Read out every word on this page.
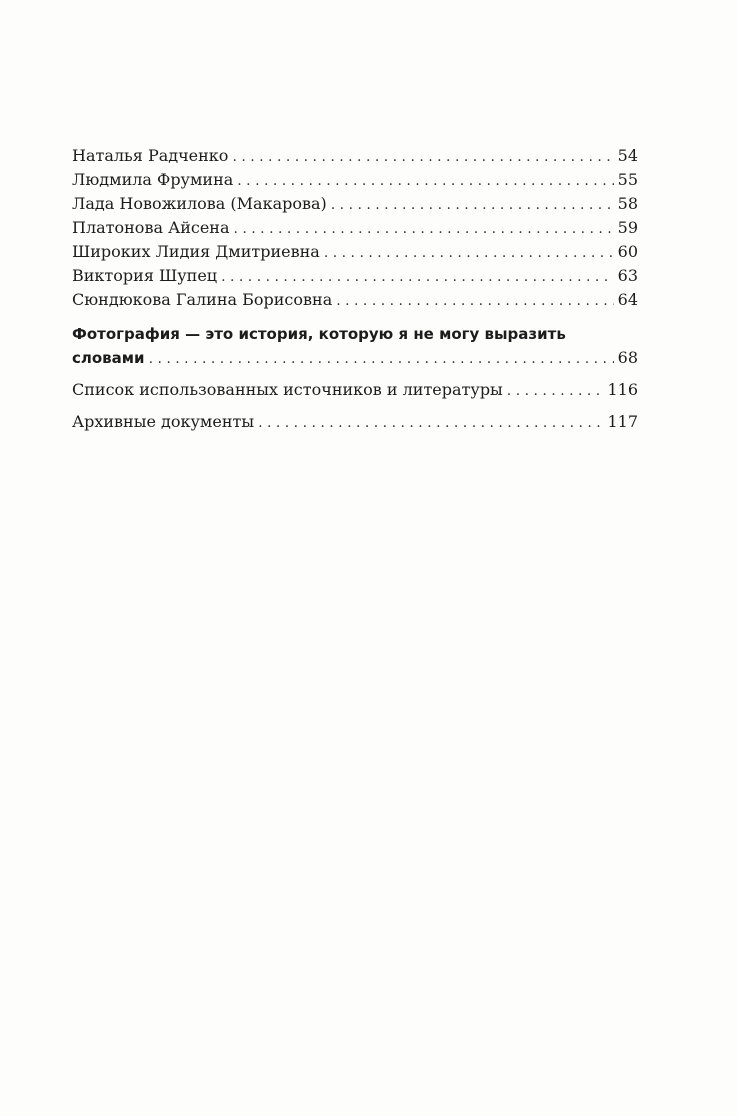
Наталья Радченко . . .	54
Людмила Фрумина . . .	55
Лада Новожилова (Макарова) . . .	58
Платонова Айсена . . .	59
Широких Лидия Дмитриевна . . .	60
Виктория Шупец . . .	63
Сюндюкова Галина Борисовна . . .	64
Фотография — это история, которую я не могу выразить
словами . . .	68
Список использованных источников и литературы . . .	116
Архивные документы . . .	117
